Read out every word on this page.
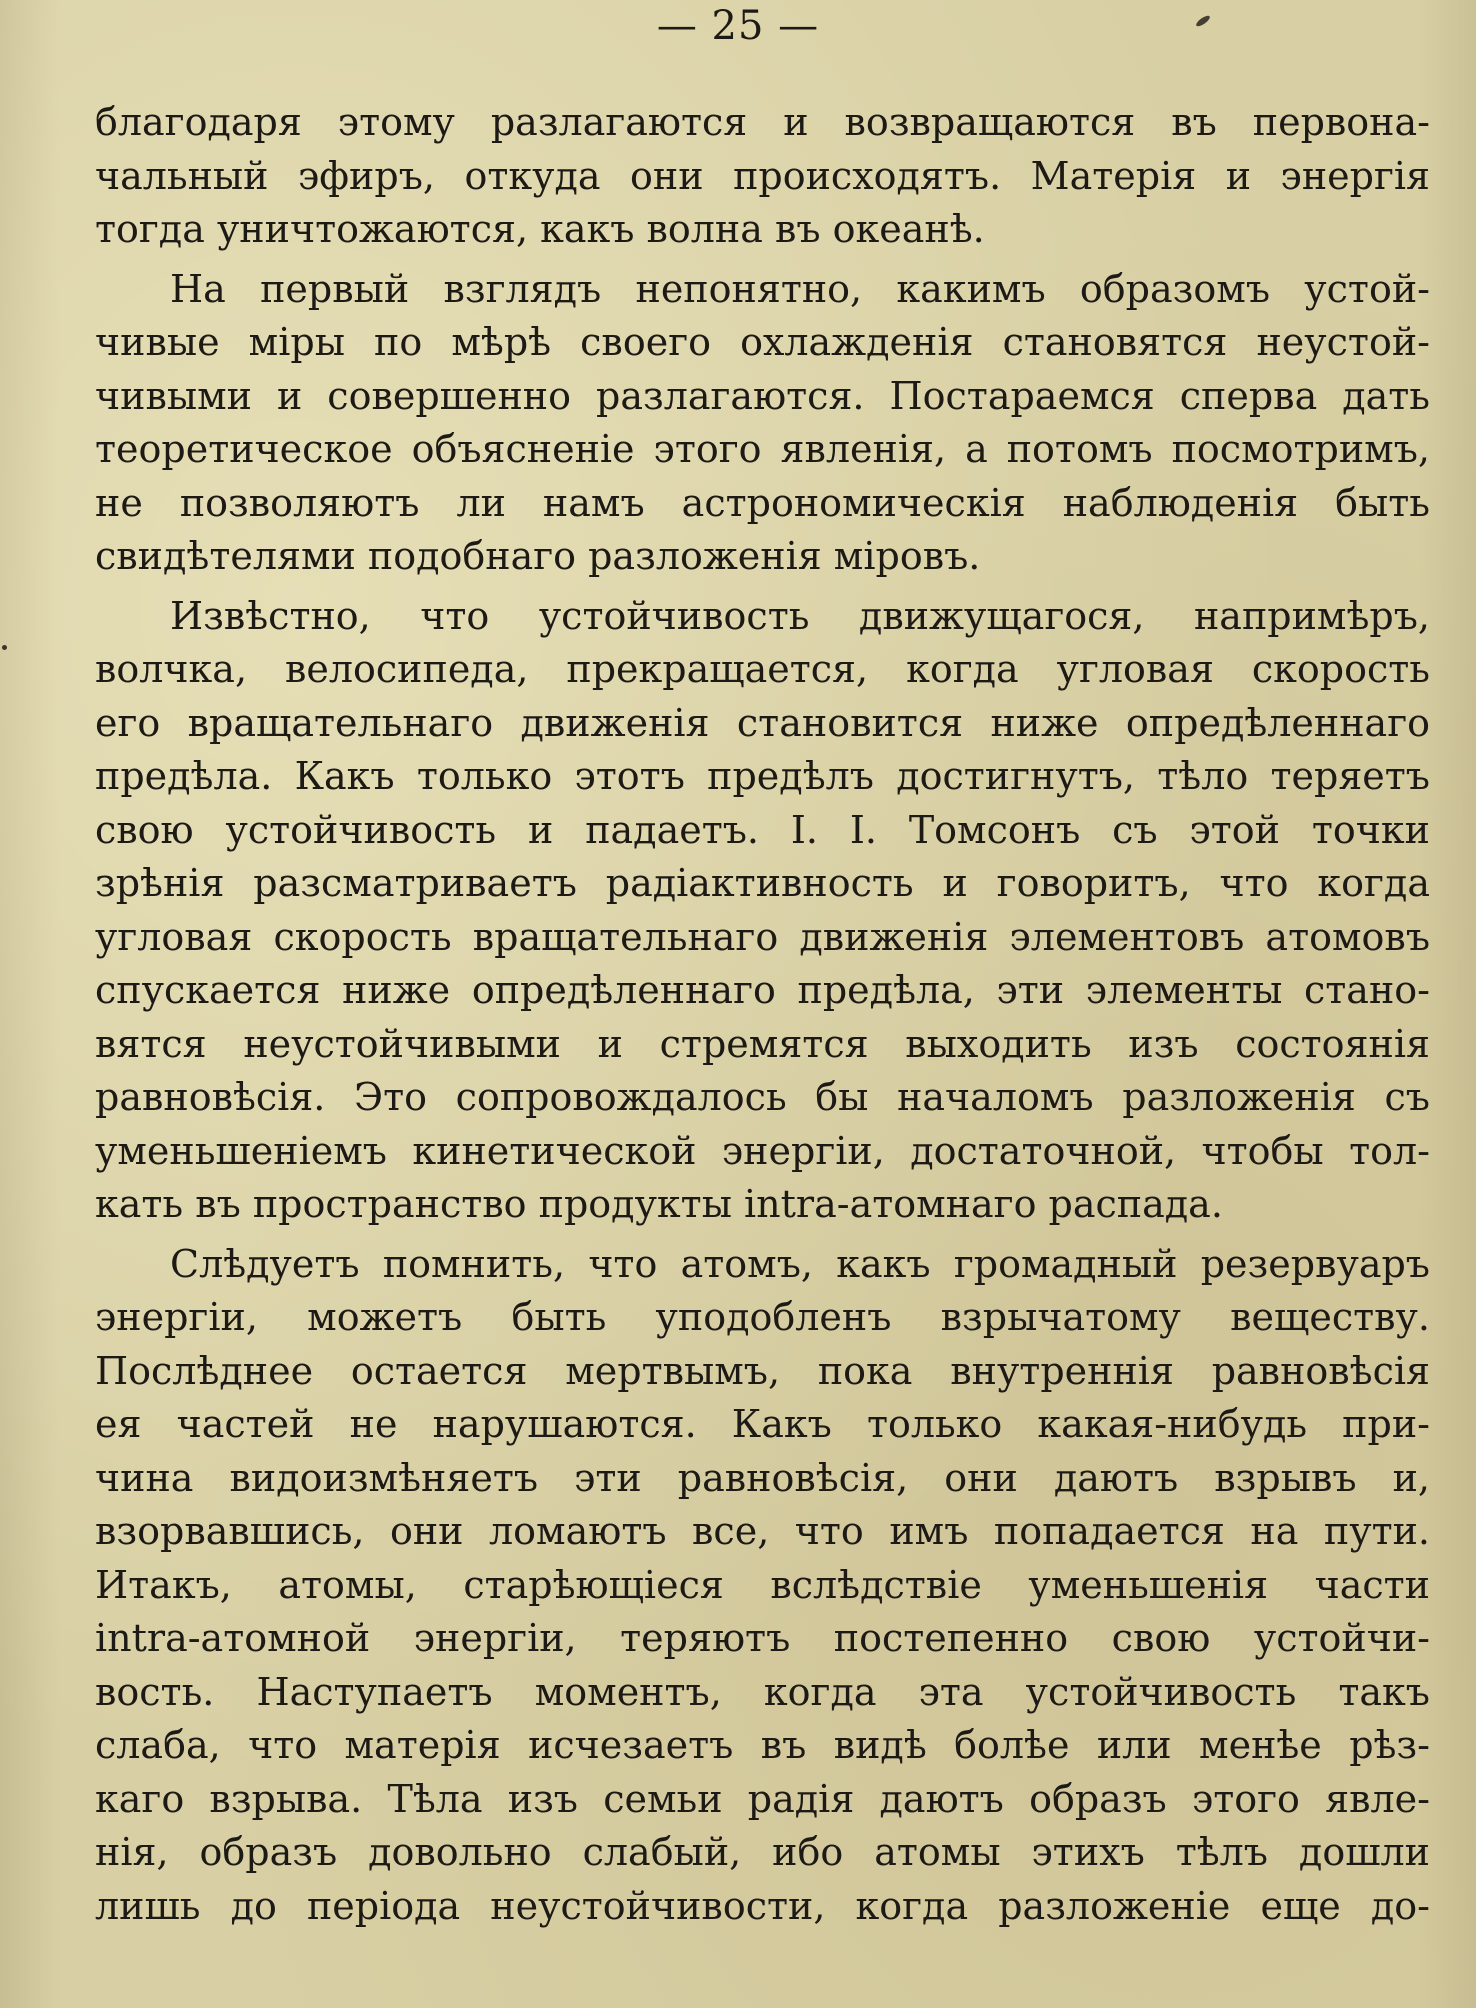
— 25 —
благодаря этому разлагаются и возвращаются въ первона-
чальный эфиръ, откуда они происходятъ. Матерія и энергія
тогда уничтожаются, какъ волна въ океанѣ.
На первый взглядъ непонятно, какимъ образомъ устой-
чивые міры по мѣрѣ своего охлажденія становятся неустой-
чивыми и совершенно разлагаются. Постараемся сперва дать
теоретическое объясненіе этого явленія, а потомъ посмотримъ,
не позволяютъ ли намъ астрономическія наблюденія быть
свидѣтелями подобнаго разложенія міровъ.
Извѣстно, что устойчивость движущагося, напримѣръ,
волчка, велосипеда, прекращается, когда угловая скорость
его вращательнаго движенія становится ниже опредѣленнаго
предѣла. Какъ только этотъ предѣлъ достигнутъ, тѣло теряетъ
свою устойчивость и падаетъ. І. І. Томсонъ съ этой точки
зрѣнія разсматриваетъ радіактивность и говоритъ, что когда
угловая скорость вращательнаго движенія элементовъ атомовъ
спускается ниже опредѣленнаго предѣла, эти элементы стано-
вятся неустойчивыми и стремятся выходить изъ состоянія
равновѣсія. Это сопровождалось бы началомъ разложенія съ
уменьшеніемъ кинетической энергіи, достаточной, чтобы тол-
кать въ пространство продукты intra-атомнаго распада.
Слѣдуетъ помнить, что атомъ, какъ громадный резервуаръ
энергіи, можетъ быть уподобленъ взрычатому веществу.
Послѣднее остается мертвымъ, пока внутреннія равновѣсія
ея частей не нарушаются. Какъ только какая-нибудь при-
чина видоизмѣняетъ эти равновѣсія, они даютъ взрывъ и,
взорвавшись, они ломаютъ все, что имъ попадается на пути.
Итакъ, атомы, старѣющіеся вслѣдствіе уменьшенія части
intra-атомной энергіи, теряютъ постепенно свою устойчи-
вость. Наступаетъ моментъ, когда эта устойчивость такъ
слаба, что матерія исчезаетъ въ видѣ болѣе или менѣе рѣз-
каго взрыва. Тѣла изъ семьи радія даютъ образъ этого явле-
нія, образъ довольно слабый, ибо атомы этихъ тѣлъ дошли
лишь до періода неустойчивости, когда разложеніе еще до-
